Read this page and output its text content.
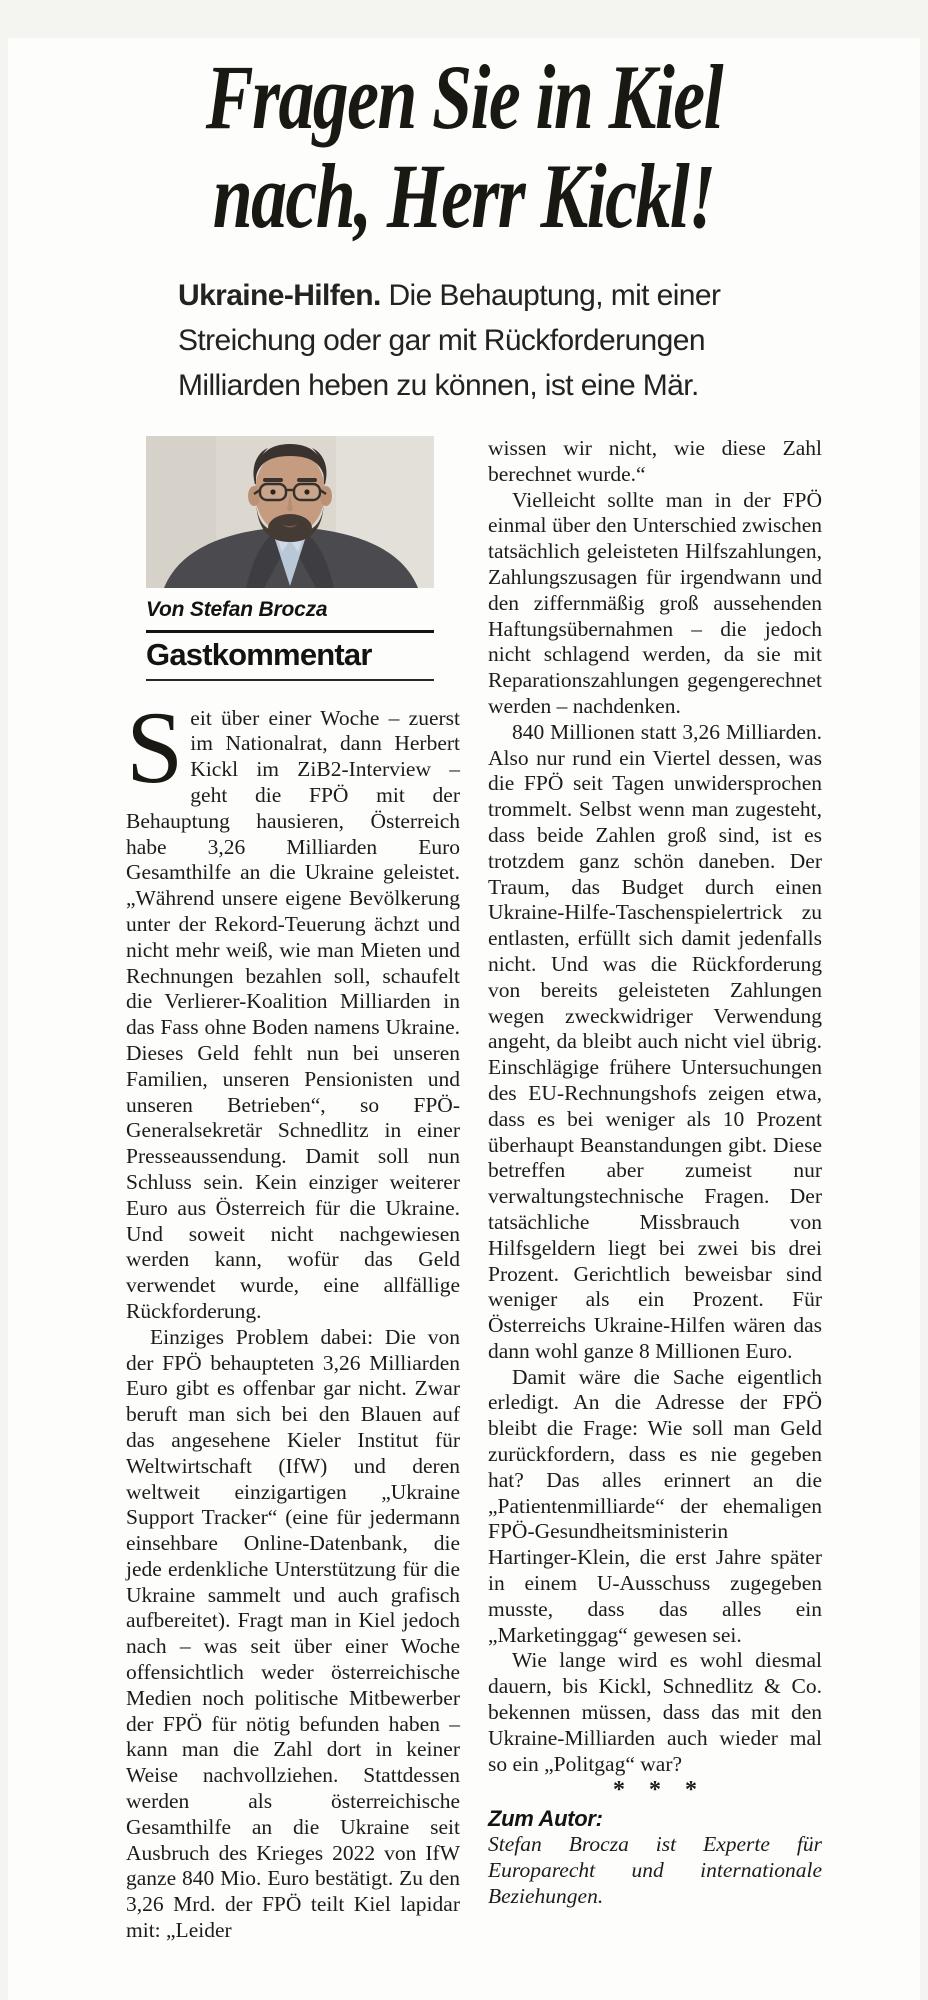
Fragen Sie in Kiel
nach, Herr Kickl!
Ukraine-Hilfen. Die Behauptung, mit einer Streichung oder gar mit Rückforderungen Milliarden heben zu können, ist eine Mär.
Von Stefan Brocza
Gastkommentar

Seit über einer Woche – zuerst im Nationalrat, dann Herbert Kickl im ZiB2-Interview – geht die FPÖ mit der Behauptung hausieren, Österreich habe 3,26 Milliarden Euro Gesamthilfe an die Ukraine geleistet. „Während unsere eigene Bevölkerung unter der Rekord-Teuerung ächzt und nicht mehr weiß, wie man Mieten und Rechnungen bezahlen soll, schaufelt die Verlierer-Koalition Milliarden in das Fass ohne Boden namens Ukraine. Dieses Geld fehlt nun bei unseren Familien, unseren Pensionisten und unseren Betrieben“, so FPÖ-Generalsekretär Schnedlitz in einer Presseaussendung. Damit soll nun Schluss sein. Kein einziger weiterer Euro aus Österreich für die Ukraine. Und soweit nicht nachgewiesen werden kann, wofür das Geld verwendet wurde, eine allfällige Rückforderung.

Einziges Problem dabei: Die von der FPÖ behaupteten 3,26 Milliarden Euro gibt es offenbar gar nicht. Zwar beruft man sich bei den Blauen auf das angesehene Kieler Institut für Weltwirtschaft (IfW) und deren weltweit einzigartigen „Ukraine Support Tracker“ (eine für jedermann einsehbare Online-Datenbank, die jede erdenkliche Unterstützung für die Ukraine sammelt und auch grafisch aufbereitet). Fragt man in Kiel jedoch nach – was seit über einer Woche offensichtlich weder österreichische Medien noch politische Mitbewerber der FPÖ für nötig befunden haben – kann man die Zahl dort in keiner Weise nachvollziehen. Stattdessen werden als österreichische Gesamthilfe an die Ukraine seit Ausbruch des Krieges 2022 von IfW ganze 840 Mio. Euro bestätigt. Zu den 3,26 Mrd. der FPÖ teilt Kiel lapidar mit: „Leider

wissen wir nicht, wie diese Zahl berechnet wurde.“

Vielleicht sollte man in der FPÖ einmal über den Unterschied zwischen tatsächlich geleisteten Hilfszahlungen, Zahlungszusagen für irgendwann und den ziffernmäßig groß aussehenden Haftungsübernahmen – die jedoch nicht schlagend werden, da sie mit Reparationszahlungen gegengerechnet werden – nachdenken.

840 Millionen statt 3,26 Milliarden. Also nur rund ein Viertel dessen, was die FPÖ seit Tagen unwidersprochen trommelt. Selbst wenn man zugesteht, dass beide Zahlen groß sind, ist es trotzdem ganz schön daneben. Der Traum, das Budget durch einen Ukraine-Hilfe-Taschenspielertrick zu entlasten, erfüllt sich damit jedenfalls nicht. Und was die Rückforderung von bereits geleisteten Zahlungen wegen zweckwidriger Verwendung angeht, da bleibt auch nicht viel übrig. Einschlägige frühere Untersuchungen des EU-Rechnungshofs zeigen etwa, dass es bei weniger als 10 Prozent überhaupt Beanstandungen gibt. Diese betreffen aber zumeist nur verwaltungstechnische Fragen. Der tatsächliche Missbrauch von Hilfsgeldern liegt bei zwei bis drei Prozent. Gerichtlich beweisbar sind weniger als ein Prozent. Für Österreichs Ukraine-Hilfen wären das dann wohl ganze 8 Millionen Euro.

Damit wäre die Sache eigentlich erledigt. An die Adresse der FPÖ bleibt die Frage: Wie soll man Geld zurückfordern, dass es nie gegeben hat? Das alles erinnert an die „Patientenmilliarde“ der ehemaligen FPÖ-Gesundheitsministerin Hartinger-Klein, die erst Jahre später in einem U-Ausschuss zugegeben musste, dass das alles ein „Marketinggag“ gewesen sei.

Wie lange wird es wohl diesmal dauern, bis Kickl, Schnedlitz & Co. bekennen müssen, dass das mit den Ukraine-Milliarden auch wieder mal so ein „Politgag“ war?

* * *
Zum Autor:

Stefan Brocza ist Experte für Europarecht und internationale Beziehungen.
